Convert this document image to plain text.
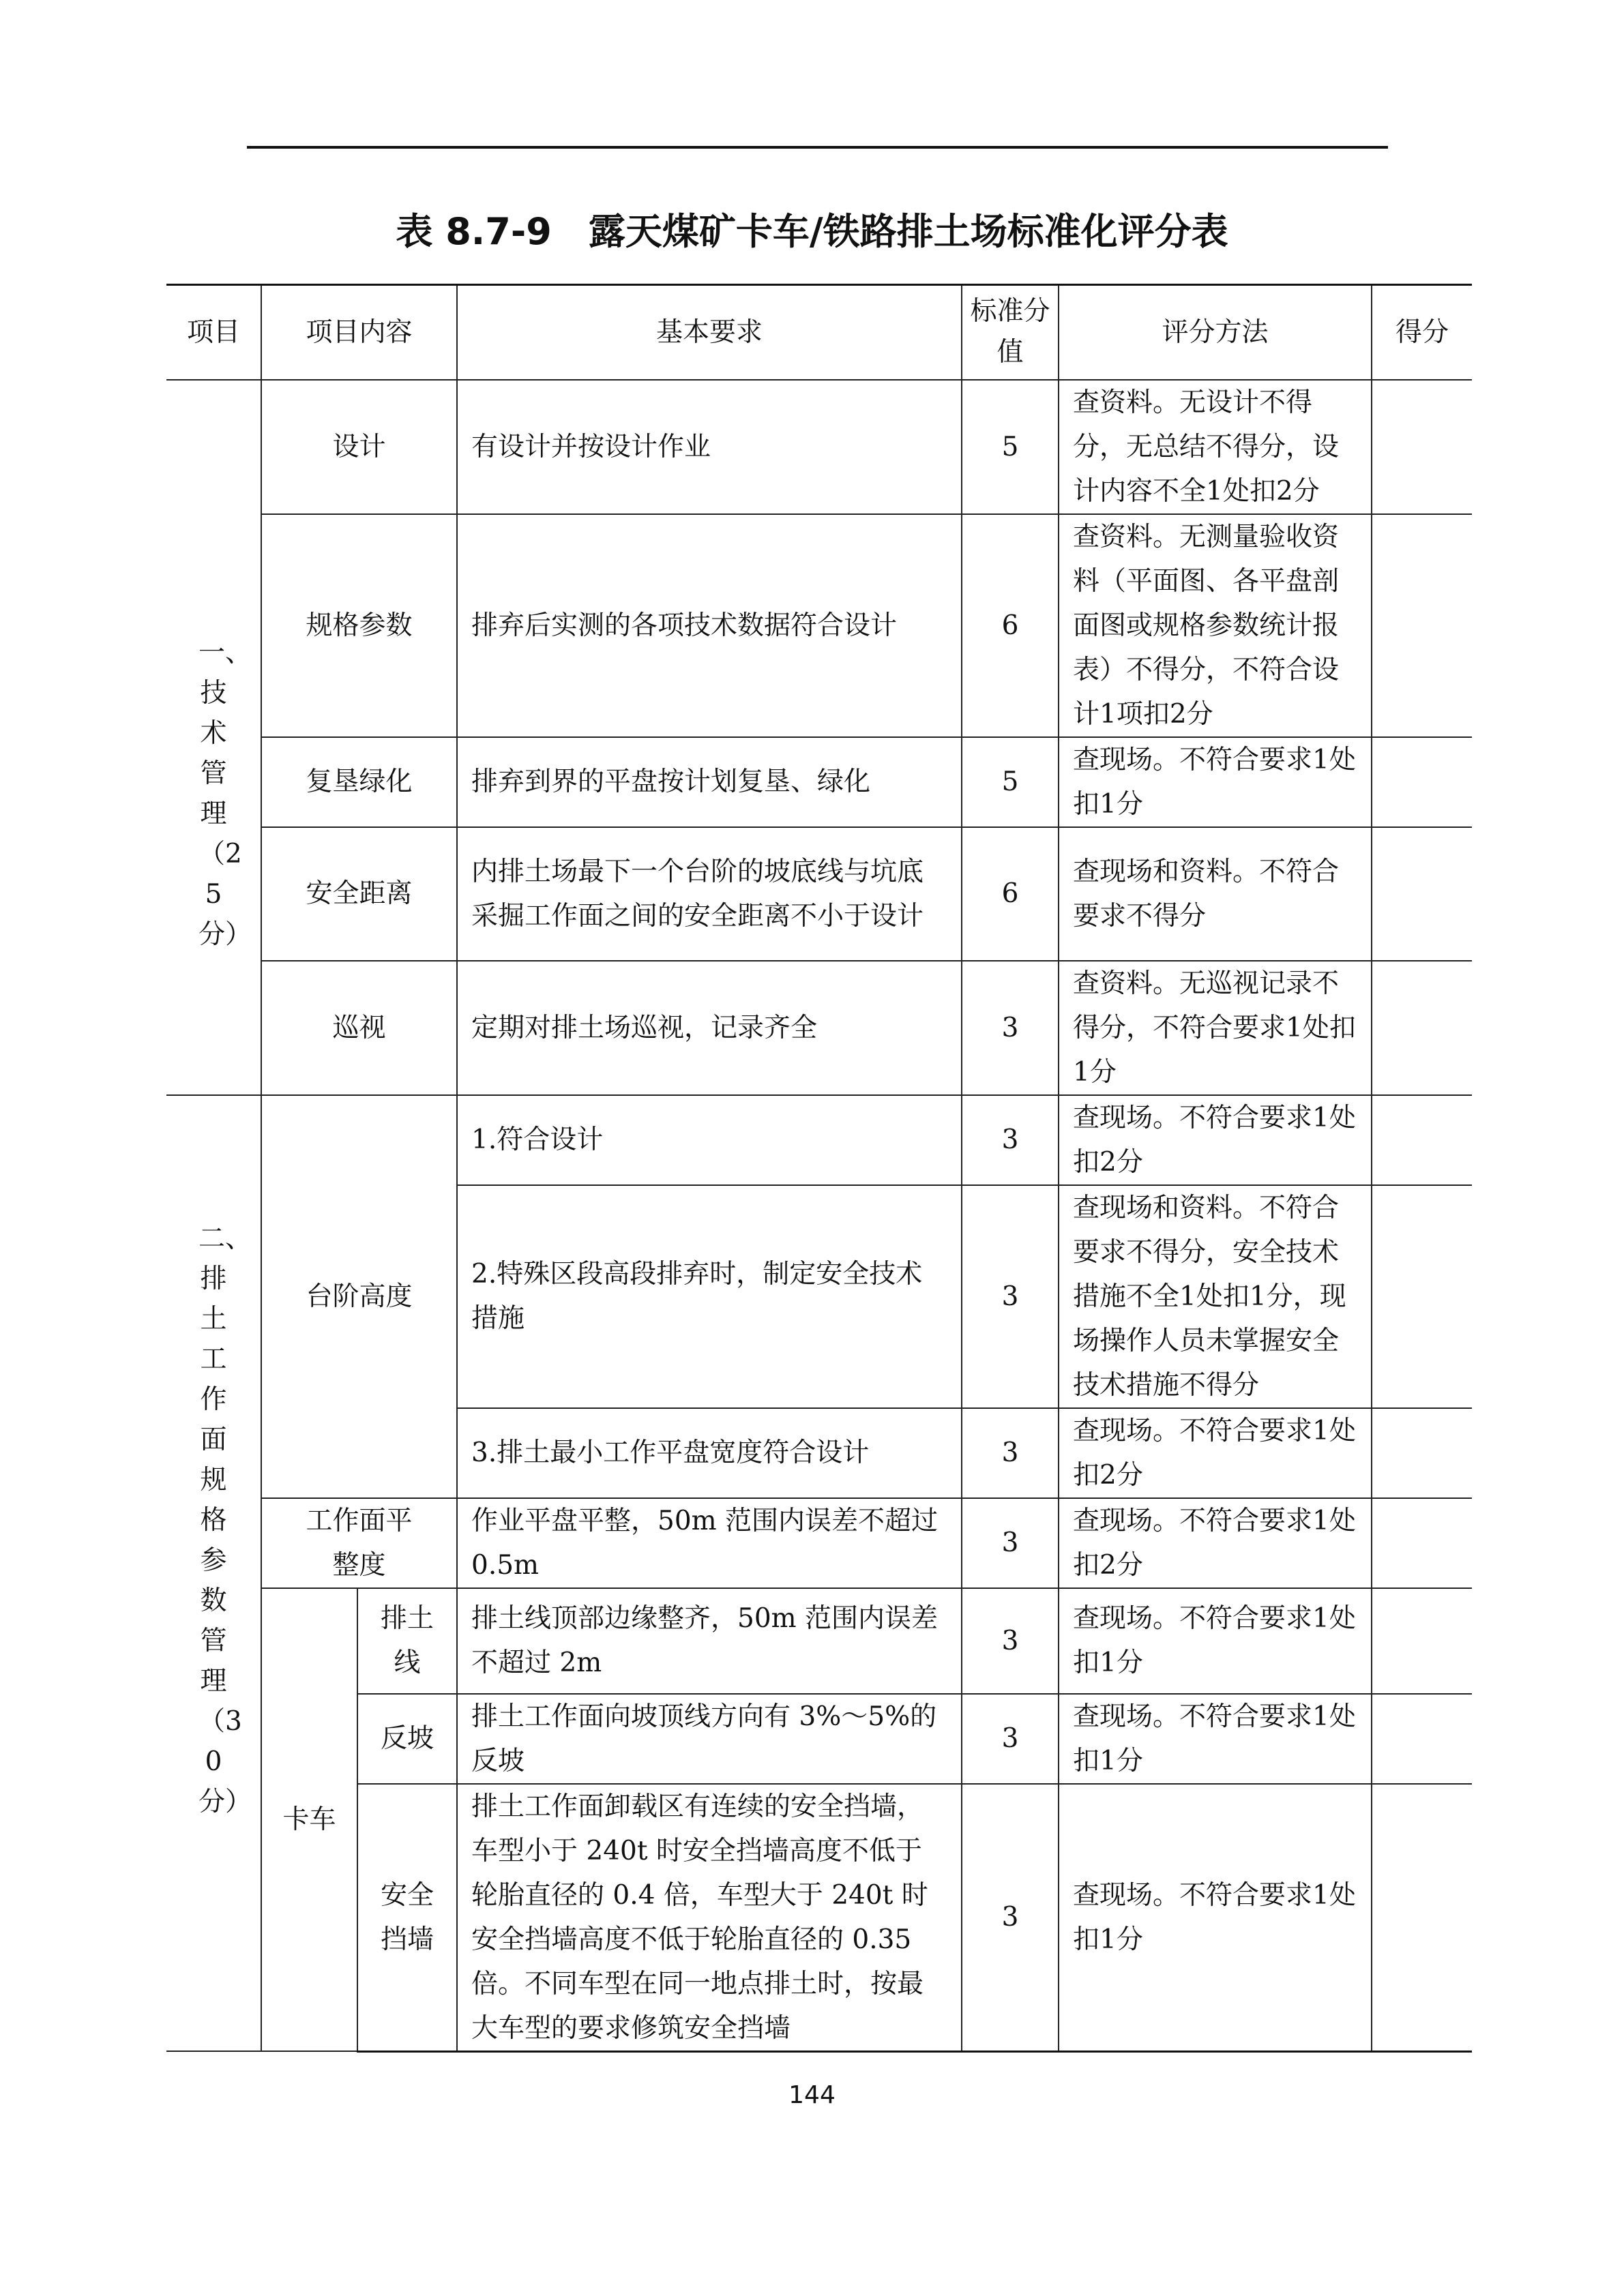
表 8.7-9　露天煤矿卡车/铁路排土场标准化评分表
项目	项目内容		基本要求	标准分值	评分方法	得分
一、技术管理（25分）	设计		有设计并按设计作业	5	查资料。无设计不得分，无总结不得分，设计内容不全1处扣2分	
	规格参数		排弃后实测的各项技术数据符合设计	6	查资料。无测量验收资料（平面图、各平盘剖面图或规格参数统计报表）不得分，不符合设计1项扣2分	
	复垦绿化		排弃到界的平盘按计划复垦、绿化	5	查现场。不符合要求1处扣1分	
	安全距离		内排土场最下一个台阶的坡底线与坑底采掘工作面之间的安全距离不小于设计	6	查现场和资料。不符合要求不得分	
	巡视		定期对排土场巡视，记录齐全	3	查资料。无巡视记录不得分，不符合要求1处扣1分	
二、排土工作面规格参数管理（30分）	台阶高度		1.符合设计	3	查现场。不符合要求1处扣2分	
			2.特殊区段高段排弃时，制定安全技术措施	3	查现场和资料。不符合要求不得分，安全技术措施不全1处扣1分，现场操作人员未掌握安全技术措施不得分	
			3.排土最小工作平盘宽度符合设计	3	查现场。不符合要求1处扣2分	
	工作面平整度		作业平盘平整，50m 范围内误差不超过0.5m	3	查现场。不符合要求1处扣2分	
	卡车	排土线	排土线顶部边缘整齐，50m 范围内误差不超过 2m	3	查现场。不符合要求1处扣1分	
		反坡	排土工作面向坡顶线方向有 3%～5%的反坡	3	查现场。不符合要求1处扣1分	
		安全挡墙	排土工作面卸载区有连续的安全挡墙，车型小于 240t 时安全挡墙高度不低于轮胎直径的 0.4 倍，车型大于 240t 时安全挡墙高度不低于轮胎直径的 0.35 倍。不同车型在同一地点排土时，按最大车型的要求修筑安全挡墙	3	查现场。不符合要求1处扣1分	
144
